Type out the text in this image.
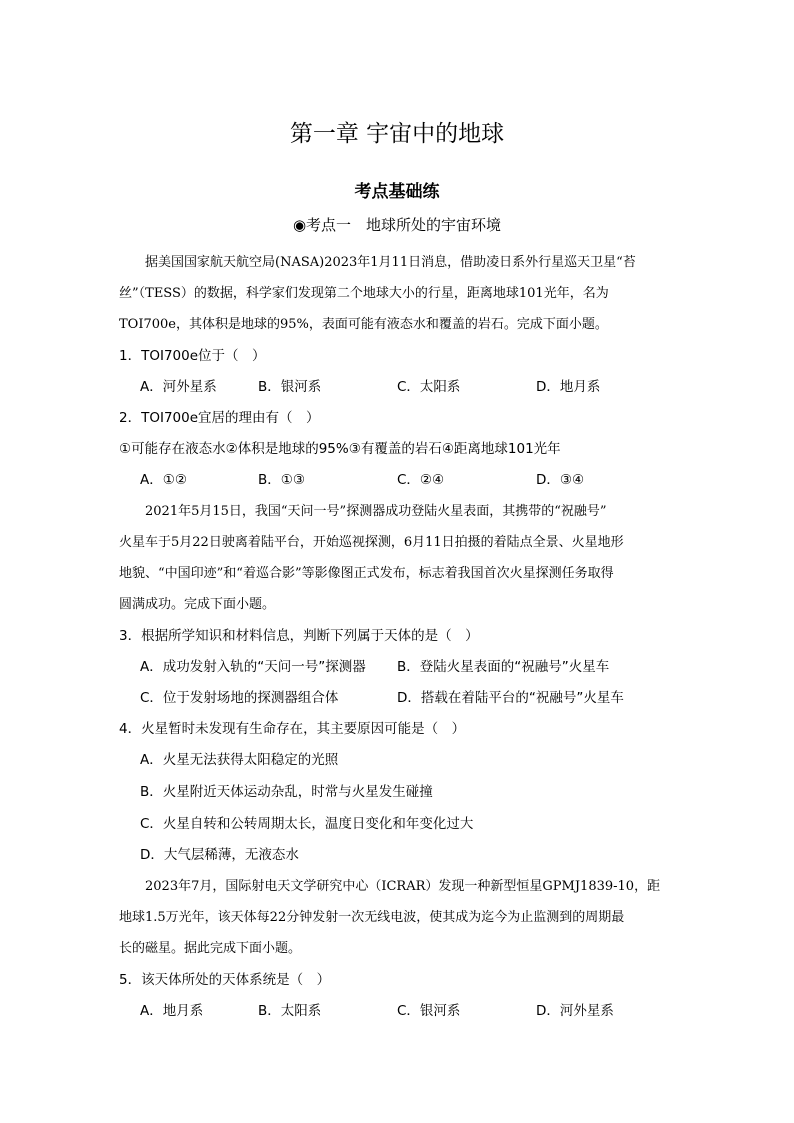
第一章 宇宙中的地球
考点基础练
◉考点一　地球所处的宇宙环境
据美国国家航天航空局(NASA)2023年1月11日消息，借助凌日系外行星巡天卫星“苔
丝”（TESS）的数据，科学家们发现第二个地球大小的行星，距离地球101光年，名为
TOI700e，其体积是地球的95%，表面可能有液态水和覆盖的岩石。完成下面小题。
1．TOI700e位于（　）
A．河外星系	B．银河系	C．太阳系	D．地月系
2．TOI700e宜居的理由有（　）
①可能存在液态水②体积是地球的95%③有覆盖的岩石④距离地球101光年
A．①②	B．①③	C．②④	D．③④
2021年5月15日，我国“天问一号”探测器成功登陆火星表面，其携带的“祝融号”
火星车于5月22日驶离着陆平台，开始巡视探测，6月11日拍摄的着陆点全景、火星地形
地貌、“中国印迹”和“着巡合影”等影像图正式发布，标志着我国首次火星探测任务取得
圆满成功。完成下面小题。
3．根据所学知识和材料信息，判断下列属于天体的是（　）
A．成功发射入轨的“天问一号”探测器 B．登陆火星表面的“祝融号”火星车
C．位于发射场地的探测器组合体	D．搭载在着陆平台的“祝融号”火星车
4．火星暂时未发现有生命存在，其主要原因可能是（　）
A．火星无法获得太阳稳定的光照
B．火星附近天体运动杂乱，时常与火星发生碰撞
C．火星自转和公转周期太长，温度日变化和年变化过大
D．大气层稀薄，无液态水
2023年7月，国际射电天文学研究中心（ICRAR）发现一种新型恒星GPMJ1839-10，距
地球1.5万光年，该天体每22分钟发射一次无线电波，使其成为迄今为止监测到的周期最
长的磁星。据此完成下面小题。
5．该天体所处的天体系统是（　）
A．地月系	B．太阳系	C．银河系	D．河外星系
